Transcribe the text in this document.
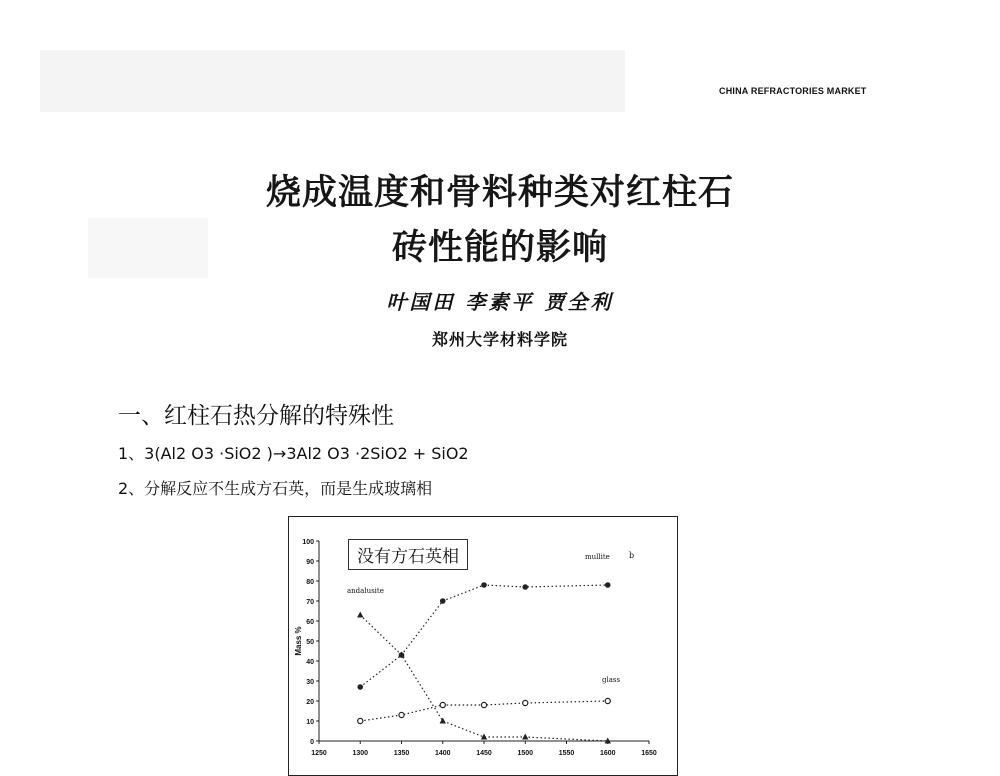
CHINA REFRACTORIES MARKET
烧成温度和骨料种类对红柱石
砖性能的影响
叶国田 李素平 贾全利
郑州大学材料学院
一、红柱石热分解的特殊性
1、3(Al2 O3 ·SiO2 )→3Al2 O3 ·2SiO2 + SiO2
2、分解反应不生成方石英，而是生成玻璃相
0
10
20
30
40
50
60
70
80
90
100
1250	1300	1350	1400	1450	1500	1550	1600	1650
Mass %
mullite
andalusite
glass
b
没有方石英相
